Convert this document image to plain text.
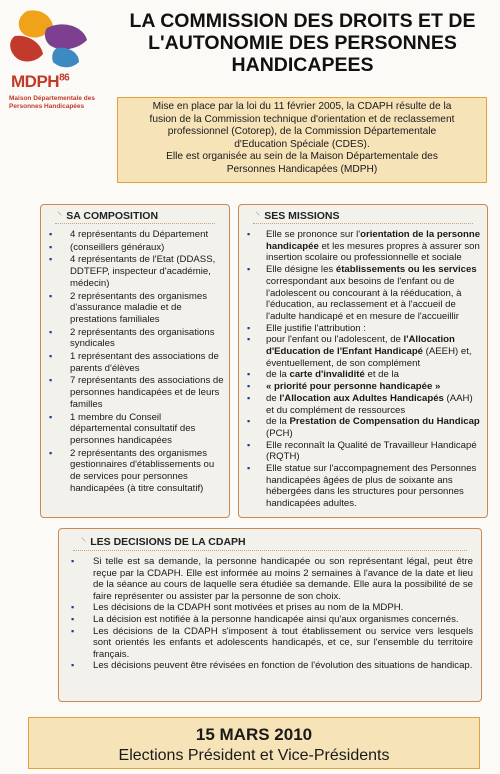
MDPH$^{86}$
Maison Départementale des Personnes Handicapées
LA COMMISSION DES DROITS ET DE
L'AUTONOMIE DES PERSONNES
HANDICAPEES
Mise en place par la loi du 11 février 2005, la CDAPH résulte de la
fusion de la Commission technique d'orientation et de reclassement
professionnel (Cotorep), de la Commission Départementale
d'Education Spéciale (CDES).
Elle est organisée au sein de la Maison Départementale des
Personnes Handicapées (MDPH)
⸌ SA COMPOSITION
▪	4 représentants du Département
▪	(conseillers généraux)
▪	4 représentants de l'Etat (DDASS, DDTEFP, inspecteur d'académie, médecin)
▪	2 représentants des organismes d'assurance maladie et de prestations familiales
▪	2 représentants des organisations syndicales
▪	1 représentant des associations de parents d'élèves
▪	7 représentants des associations de personnes handicapées et de leurs familles
▪	1 membre du Conseil départemental consultatif des personnes handicapées
▪	2 représentants des organismes gestionnaires d'établissements ou de services pour personnes handicapées (à titre consultatif)
⸌ SES MISSIONS
▪	Elle se prononce sur l'orientation de la personne handicapée et les mesures propres à assurer son insertion scolaire ou professionnelle et sociale
▪	Elle désigne les établissements ou les services correspondant aux besoins de l'enfant ou de l'adolescent ou concourant à la rééducation, à l'éducation, au reclassement et à l'accueil de l'adulte handicapé et en mesure de l'accueillir
▪	Elle justifie l'attribution :
▪	pour l'enfant ou l'adolescent, de l'Allocation d'Education de l'Enfant Handicapé (AEEH) et, éventuellement, de son complément
▪	de la carte d'invalidité et de la
▪	« priorité pour personne handicapée »
▪	de l'Allocation aux Adultes Handicapés (AAH) et du complément de ressources
▪	de la Prestation de Compensation du Handicap (PCH)
▪	Elle reconnaît la Qualité de Travailleur Handicapé (RQTH)
▪	Elle statue sur l'accompagnement des Personnes handicapées âgées de plus de soixante ans hébergées dans les structures pour personnes handicapées adultes.
⸌ LES DECISIONS DE LA CDAPH
▪	Si telle est sa demande, la personne handicapée ou son représentant légal, peut être reçue par la CDAPH. Elle est informée au moins 2 semaines à l'avance de la date et lieu de la séance au cours de laquelle sera étudiée sa demande. Elle aura la possibilité de se faire représenter ou assister par la personne de son choix.
▪	Les décisions de la CDAPH sont motivées et prises au nom de la MDPH.
▪	La décision est notifiée à la personne handicapée ainsi qu'aux organismes concernés.
▪	Les décisions de la CDAPH s'imposent à tout établissement ou service vers lesquels sont orientés les enfants et adolescents handicapés, et ce, sur l'ensemble du territoire français.
▪	Les décisions peuvent être révisées en fonction de l'évolution des situations de handicap.
15 MARS 2010
Elections Président et Vice-Présidents
